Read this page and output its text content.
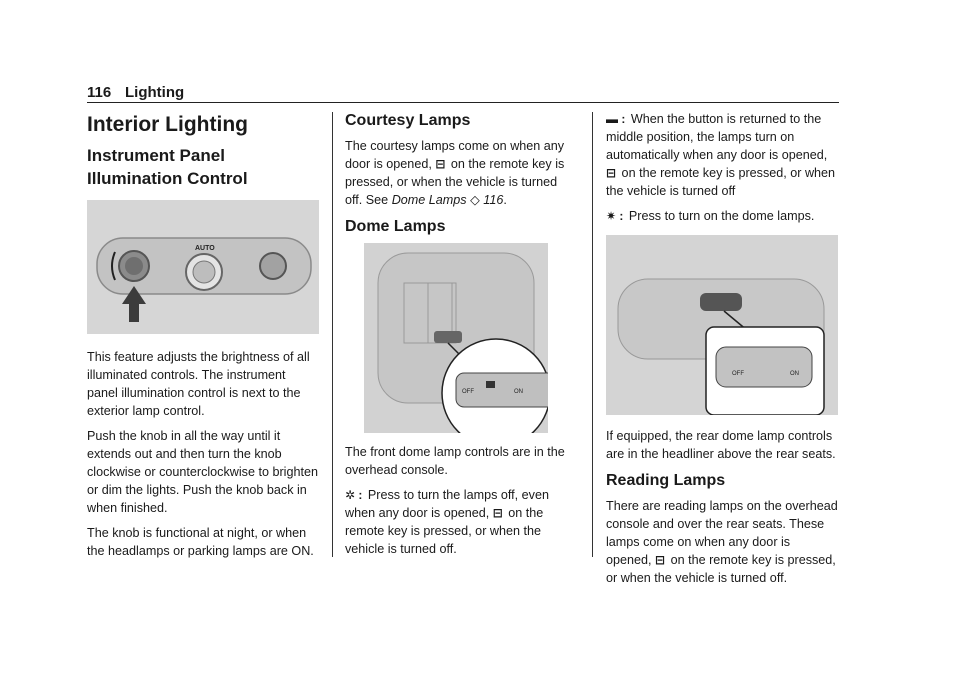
116 Lighting
Interior Lighting
Instrument Panel Illumination Control
AUTO

This feature adjusts the brightness of all illuminated controls. The instrument panel illumination control is next to the exterior lamp control.

Push the knob in all the way until it extends out and then turn the knob clockwise or counterclockwise to brighten or dim the lights. Push the knob back in when finished.

The knob is functional at night, or when the headlamps or parking lamps are ON.

Courtesy Lamps

The courtesy lamps come on when any door is opened, ⊟ on the remote key is pressed, or when the vehicle is turned off. See Dome Lamps ◇ 116.

Dome Lamps
OFF	ON

The front dome lamp controls are in the overhead console.

✲ : Press to turn the lamps off, even when any door is opened, ⊟ on the remote key is pressed, or when the vehicle is turned off.

▬ : When the button is returned to the middle position, the lamps turn on automatically when any door is opened, ⊟ on the remote key is pressed, or when the vehicle is turned off

✷ : Press to turn on the dome lamps.

OFF	ON

If equipped, the rear dome lamp controls are in the headliner above the rear seats.

Reading Lamps

There are reading lamps on the overhead console and over the rear seats. These lamps come on when any door is opened, ⊟ on the remote key is pressed, or when the vehicle is turned off.
